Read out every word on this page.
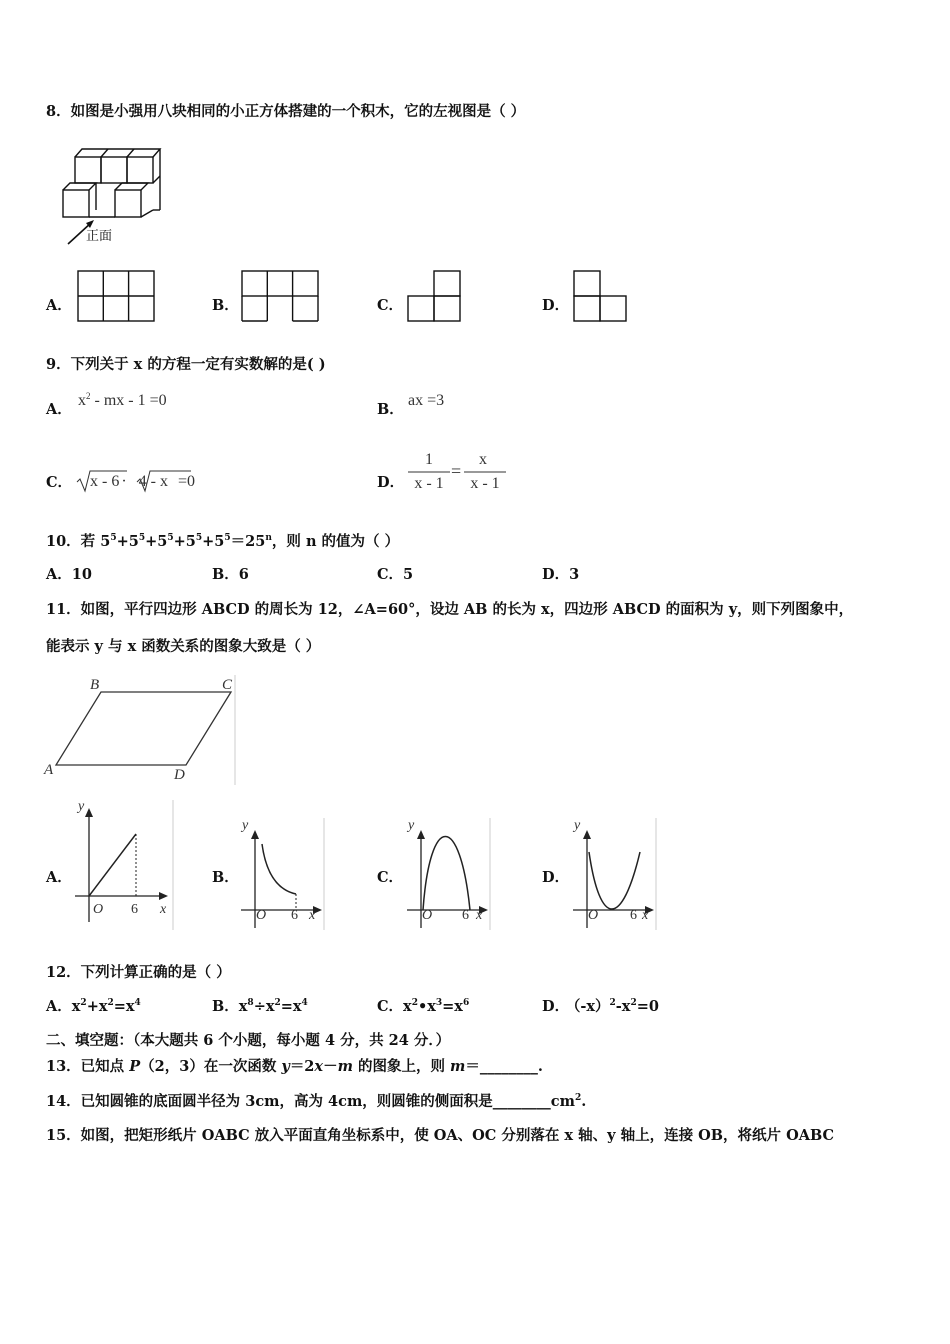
8．如图是小强用八块相同的小正方体搭建的一个积木，它的左视图是（ ）
正面
A．	B．	C．	D．
9．下列关于 x 的方程一定有实数解的是( )
A．
$x^2$ - mx - 1 =0
B．
ax =3
C． x - 6 · 4 - x =0	D．
1
x - 1
=
x
x - 1
10．若 $5^5+5^5+5^5+5^5+5^5=25^n$，则 n 的值为（ ）
A．10	B．6	C．5	D．3
11．如图，平行四边形 ABCD 的周长为 12，∠A=60°，设边 AB 的长为 x，四边形 ABCD 的面积为 y，则下列图象中，
能表示 y 与 x 函数关系的图象大致是（ ）
B	C
A	D
A．
y
O 6 x
B．
y
O 6 x
C．
y
O 6 x
D．
y
O 6 x
12．下列计算正确的是（ ）
A．$x^2+x^2=x^4$	B．$x^8\div x^2=x^4$	C．$x^2•x^3=x^6$	D． $(-x)^2-x^2=0$
二、填空题：（本大题共 6 个小题，每小题 4 分，共 24 分．）
13．已知点 P（2，3）在一次函数 y＝2x－m 的图象上，则 m＝________.
14．已知圆锥的底面圆半径为 3cm，高为 4cm，则圆锥的侧面积是$\_\_\_\_\_\_\_\_cm^2$.
15．如图，把矩形纸片 OABC 放入平面直角坐标系中，使 OA、OC 分别落在 x 轴、y 轴上，连接 OB，将纸片 OABC
